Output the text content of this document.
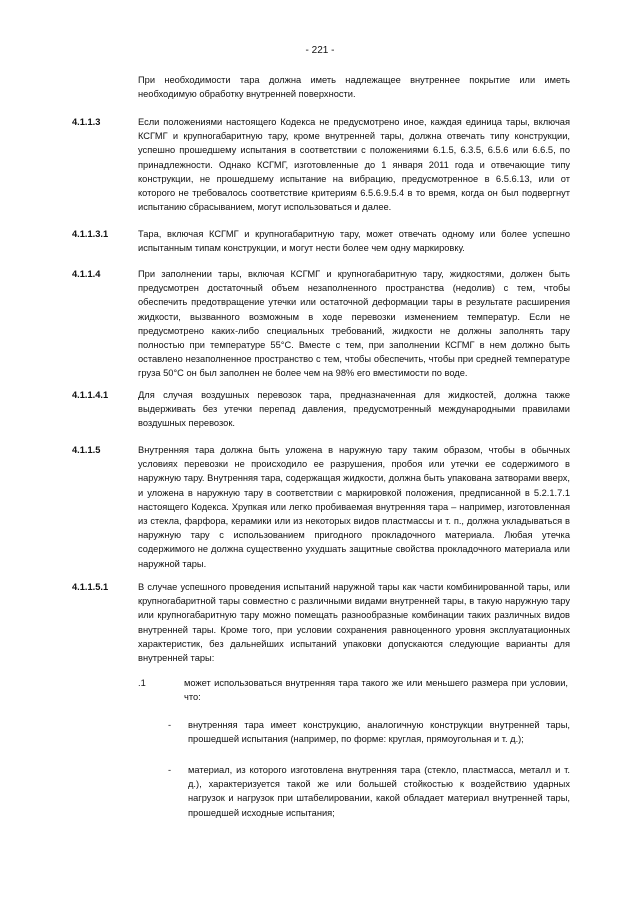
- 221 -

При необходимости тара должна иметь надлежащее внутреннее покрытие или иметь необходимую обработку внутренней поверхности.

4.1.1.3	Если положениями настоящего Кодекса не предусмотрено иное, каждая единица тары, включая КСГМГ и крупногабаритную тару, кроме внутренней тары, должна отвечать типу конструкции, успешно прошедшему испытания в соответствии с положениями 6.1.5, 6.3.5, 6.5.6 или 6.6.5, по принадлежности. Однако КСГМГ, изготовленные до 1 января 2011 года и отвечающие типу конструкции, не прошедшему испытание на вибрацию, предусмотренное в 6.5.6.13, или от которого не требовалось соответствие критериям 6.5.6.9.5.4 в то время, когда он был подвергнут испытанию сбрасыванием, могут использоваться и далее.

4.1.1.3.1	Тара, включая КСГМГ и крупногабаритную тару, может отвечать одному или более успешно испытанным типам конструкции, и могут нести более чем одну маркировку.

4.1.1.4	При заполнении тары, включая КСГМГ и крупногабаритную тару, жидкостями, должен быть предусмотрен достаточный объем незаполненного пространства (недолив) с тем, чтобы обеспечить предотвращение утечки или остаточной деформации тары в результате расширения жидкости, вызванного возможным в ходе перевозки изменением температур. Если не предусмотрено каких-либо специальных требований, жидкости не должны заполнять тару полностью при температуре 55°C. Вместе с тем, при заполнении КСГМГ в нем должно быть оставлено незаполненное пространство с тем, чтобы обеспечить, чтобы при средней температуре груза 50°C он был заполнен не более чем на 98% его вместимости по воде.

4.1.1.4.1	Для случая воздушных перевозок тара, предназначенная для жидкостей, должна также выдерживать без утечки перепад давления, предусмотренный международными правилами воздушных перевозок.

4.1.1.5	Внутренняя тара должна быть уложена в наружную тару таким образом, чтобы в обычных условиях перевозки не происходило ее разрушения, пробоя или утечки ее содержимого в наружную тару. Внутренняя тара, содержащая жидкости, должна быть упакована затворами вверх, и уложена в наружную тару в соответствии с маркировкой положения, предписанной в 5.2.1.7.1 настоящего Кодекса. Хрупкая или легко пробиваемая внутренняя тара – например, изготовленная из стекла, фарфора, керамики или из некоторых видов пластмассы и т. п., должна укладываться в наружную тару с использованием пригодного прокладочного материала. Любая утечка содержимого не должна существенно ухудшать защитные свойства прокладочного материала или наружной тары.

4.1.1.5.1	В случае успешного проведения испытаний наружной тары как части комбинированной тары, или крупногабаритной тары совместно с различными видами внутренней тары, в такую наружную тару или крупногабаритную тару можно помещать разнообразные комбинации таких различных видов внутренней тары. Кроме того, при условии сохранения равноценного уровня эксплуатационных характеристик, без дальнейших испытаний упаковки допускаются следующие варианты для внутренней тары:

.1	может использоваться внутренняя тара такого же или меньшего размера при условии, что:

- внутренняя тара имеет конструкцию, аналогичную конструкции внутренней тары, прошедшей испытания (например, по форме: круглая, прямоугольная и т. д.);

- материал, из которого изготовлена внутренняя тара (стекло, пластмасса, металл и т. д.), характеризуется такой же или большей стойкостью к воздействию ударных нагрузок и нагрузок при штабелировании, какой обладает материал внутренней тары, прошедшей исходные испытания;
